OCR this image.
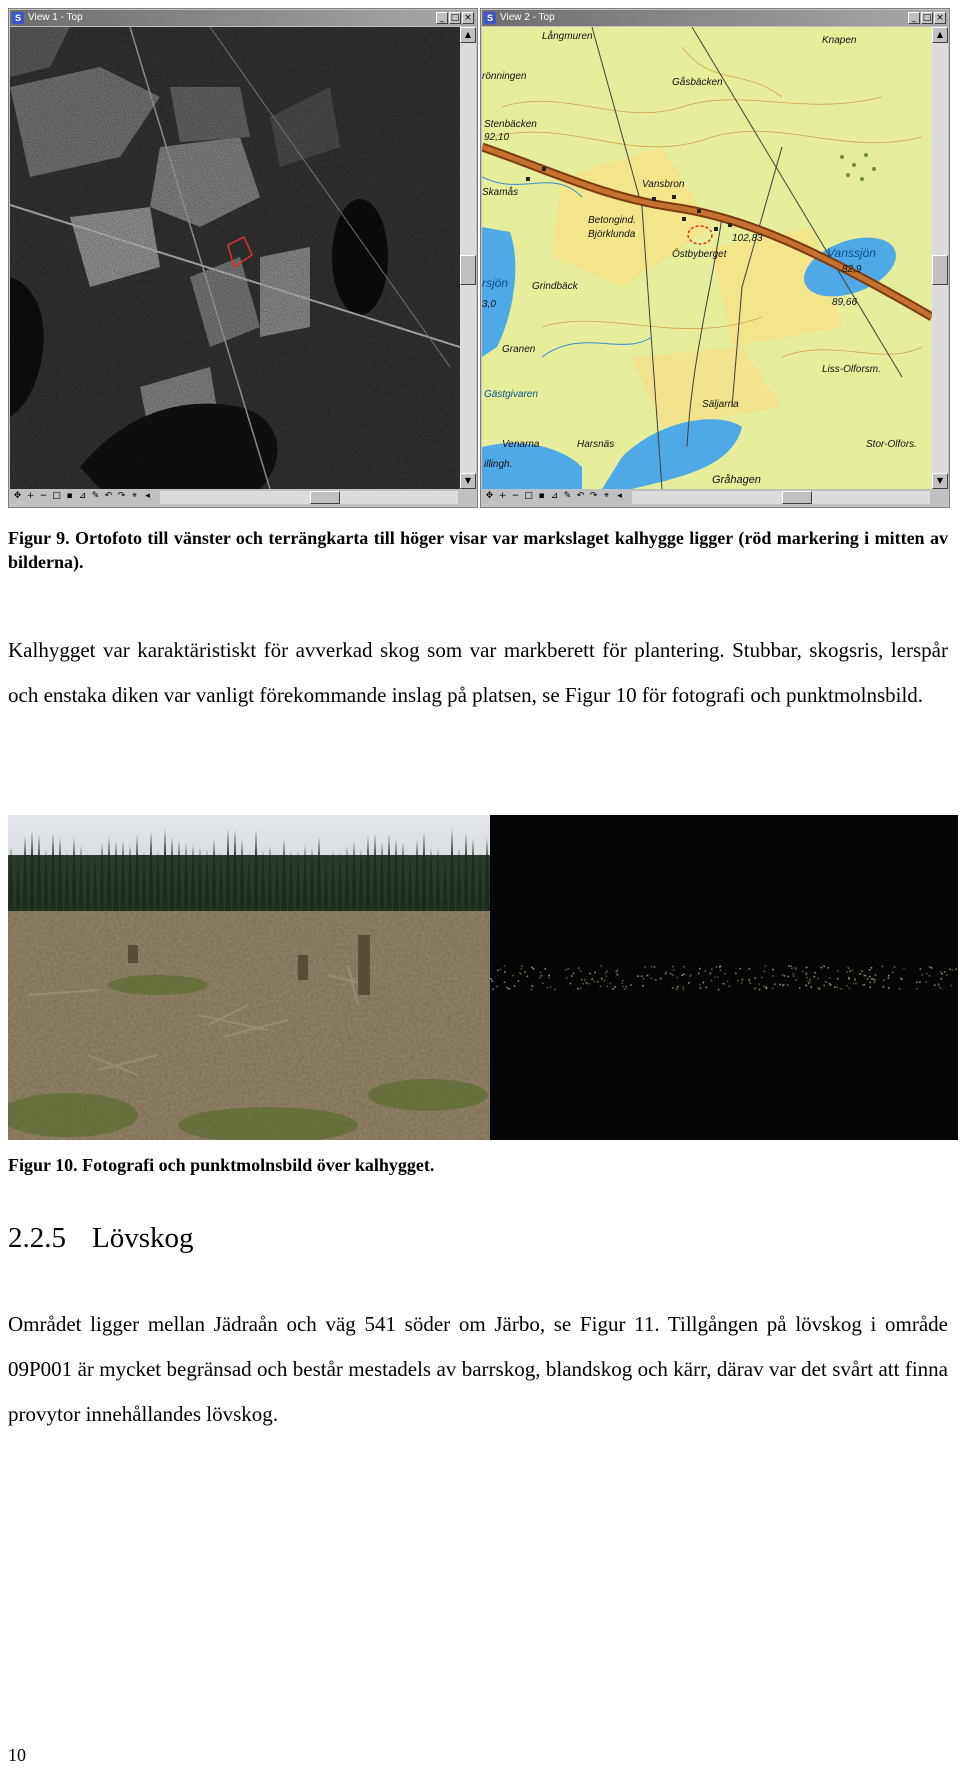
S View 1 - Top	_ □ ×
▲
▼
✥ + − □ ▪ ⊿ ✎ ↶ ↷ ⌖ ◂
S View 2 - Top	_ □ ×
Långmuren	Knapen
rönningen
Gåsbäcken
Stenbäcken
92,10
Skamås
Vansbron
Betongind.
Björklunda	102,83
Vanssjön
82,9
Östbyberget
rsjön Grindbäck
3,0	89,66
Granen
Liss-Olforsm.
Gästgivaren
Säljarna
Venarna	Harsnäs	Stor-Olfors.
illingh.
Gråhagen
▲
▼
✥ + − □ ▪ ⊿ ✎ ↶ ↷ ⌖ ◂
Figur 9. Ortofoto till vänster och terrängkarta till höger visar var markslaget kalhygge ligger (röd markering i mitten av bilderna).
Kalhygget var karaktäristiskt för avverkad skog som var markberett för plantering. Stubbar, skogsris, lerspår och enstaka diken var vanligt förekommande inslag på platsen, se Figur 10 för fotografi och punktmolnsbild.
Figur 10. Fotografi och punktmolnsbild över kalhygget.
2.2.5 Lövskog
Området ligger mellan Jädraån och väg 541 söder om Järbo, se Figur 11. Tillgången på lövskog i område 09P001 är mycket begränsad och består mestadels av barrskog, blandskog och kärr, därav var det svårt att finna provytor innehållandes lövskog.
10
